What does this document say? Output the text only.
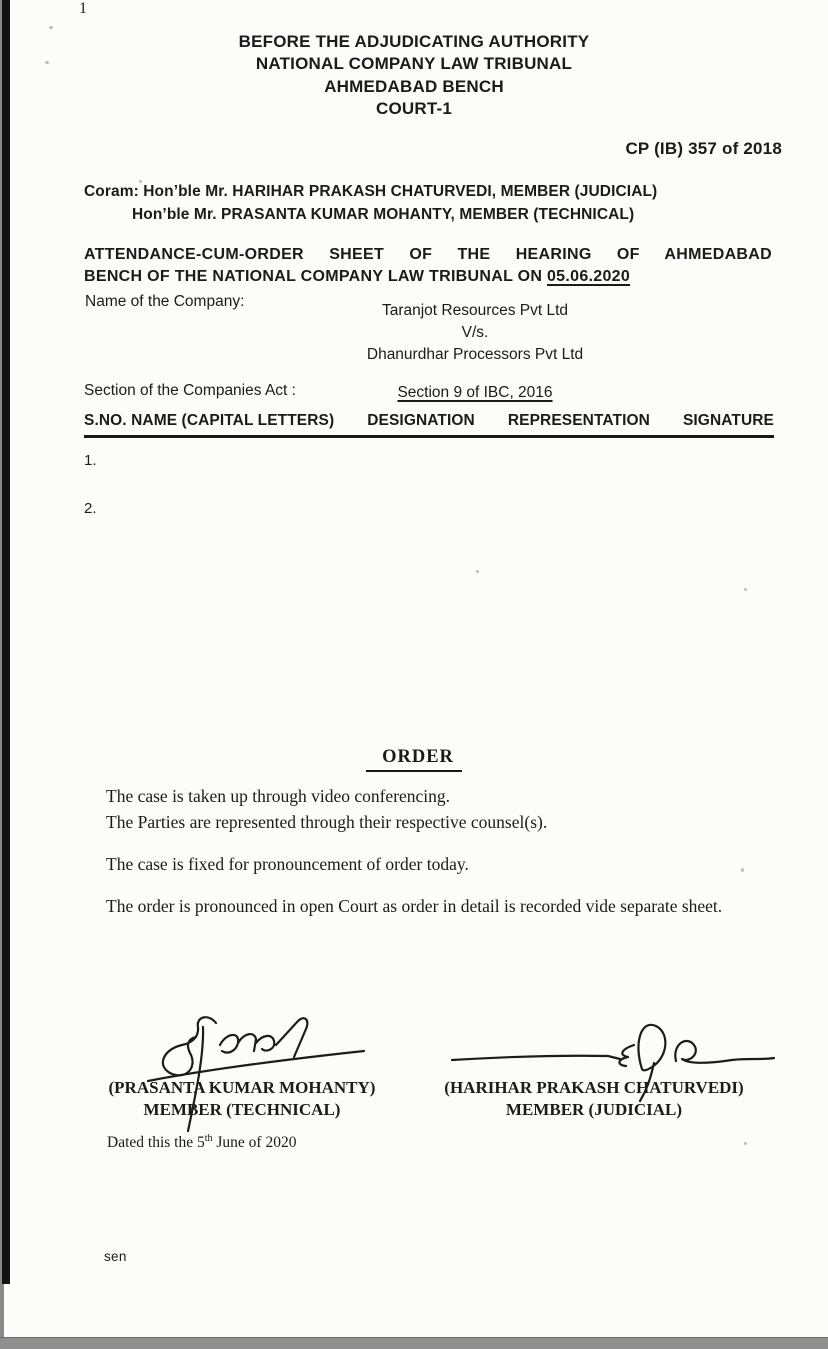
1
BEFORE THE ADJUDICATING AUTHORITY
NATIONAL COMPANY LAW TRIBUNAL
AHMEDABAD BENCH
COURT-1
CP (IB) 357 of 2018
Coram: Hon’ble Mr. HARIHAR PRAKASH CHATURVEDI, MEMBER (JUDICIAL)
Hon’ble Mr. PRASANTA KUMAR MOHANTY, MEMBER (TECHNICAL)
ATTENDANCE-CUM-ORDER SHEET OF THE HEARING OF AHMEDABAD
BENCH OF THE NATIONAL COMPANY LAW TRIBUNAL ON 05.06.2020
Name of the Company:
Taranjot Resources Pvt Ltd
V/s.
Dhanurdhar Processors Pvt Ltd
Section of the Companies Act :	Section 9 of IBC, 2016
S.NO. NAME (CAPITAL LETTERS) DESIGNATION REPRESENTATION SIGNATURE
1.
2.
ORDER
The case is taken up through video conferencing.
The Parties are represented through their respective counsel(s).
The case is fixed for pronouncement of order today.
The order is pronounced in open Court as order in detail is recorded vide separate sheet.
(PRASANTA KUMAR MOHANTY)
MEMBER (TECHNICAL)
(HARIHAR PRAKASH CHATURVEDI)
MEMBER (JUDICIAL)
Dated this the 5th June of 2020
sen
